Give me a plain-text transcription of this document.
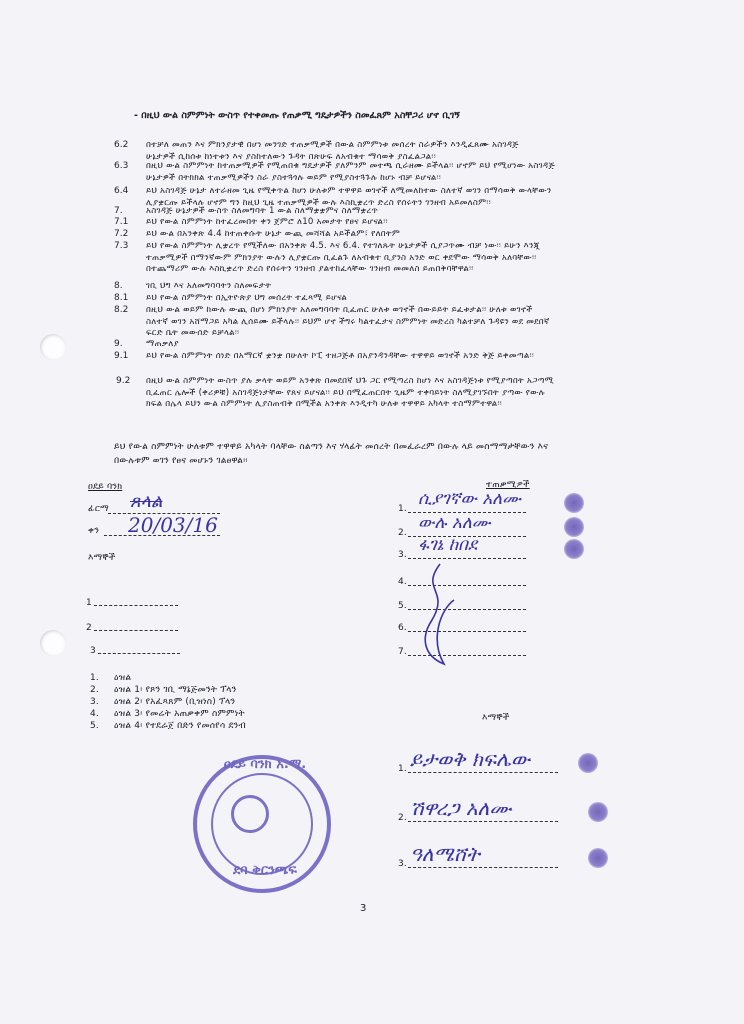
- በዚህ ውል ስምምነት ውስጥ የተቀመጡ የጠቃሚ ግዴታዎችን ስመፈጸም አስቸጋሪ ሆኖ ቢገኝ
6.2 በተቻለ መጠን እና ምክንያታዊ በሆነ መንገድ ተጠቃሚዎች በውል ስምምነቱ መሰረት ስራዎችን እንዲፈጸሙ አስገዳጅ
ሁኔታዎች ሲከሰቱ ከነተቱን እና ያስከተለውን ጉዳት በጽሁፍ ለአብቁተ ማሳወቅ ያስፈልጋል፡፡
6.3 በዚህ ውል ስምምነት ከተጠቃሚዎች የሚጠበቁ ግዴታዎች ያለምንም መተጫ ሲራዘሙ ይችላል፡፡ ሆኖም ይህ የሚሆነው አስገዳጅ
ሁኔታዎች በትክክል ተጠቃሚዎችን ስራ ያስተጓጎሉ ወይም የሚያስተጓጉሉ ከሆኑ ብቻ ይሆናል፡፡
6.4 ይህ አስገዳጅ ሁኔታ ለተራዘመ ጊዜ የሚቀጥል ከሆነ ሁለቱም ተዋዋይ ወገኖች ለሚመለከተው ስለተኛ ወገን በማሳወቅ ውላቸውን
ሊያቋርጡ ይችላሉ ሆኖም ግን ከዚህ ጊዜ ተጠቃሚዎች ውሉ እስኪቋረጥ ድረስ የሰሩትን ገንዘብ አይመለስም፡፡
7.	አስገዳጅ ሁኔታዎች ውስጥ ስለመግባት 1 ውል ስለማቋቋምና ስለማቋረጥ
7.1 ይህ የውል ስምምነት ከተፈረመበት ቀን ጀምሮ ለ10 አመታት የፀና ይሆናል፡፡
7.2 ይህ ውል በአንቀጽ 4.4 ከተጠቀሱት ሁኔታ ውጪ መሻሻል አይችልም፣ የለበትም
7.3 ይህ የውል ስምምነት ሊቋረጥ የሚችለው በአንቀጽ 4.5. እና 6.4. የተገለጹት ሁኔታዎች ሲያጋጥሙ ብቻ ነው፡፡ ይሁን እንጂ
ተጠቃሚዎች በማንኛውም ምክንያት ውሉን ሊያቋርጡ ቢፈልጉ ለአብቁተ ቢያንስ አንድ ወር ቀደሞው ማሳወቅ አለባቸው፡፡
በተጨማሪም ውሉ እስኪቋረጥ ድረስ የሰሩትን ገንዘብ ያልተከፈላቸው ገንዘብ መመለስ ይጠበቅባቸዋል፡፡
8.	ገቢ ህግ እና አለመግባባትን ስለመፍታት
8.1 ይህ የውል ስምምነት በኢትዮጵያ ህግ መሰረት ተፈጻሚ ይሆናል
8.2 በዚህ ውል ወይም ከውሉ ውጪ በሆነ ምክንያት አለመግባባት ቢፈጠር ሁለቱ ወገኖች በውይይት ይፈቱታል፡፡ ሁለቱ ወገኖች
ስለተኛ ወገን አሸማጋይ አካል ሊሰይሙ ይችላሉ፡፡ ይህም ሆኖ ችግሩ ካልተፈታና ስምምነት መድረስ ካልተቻለ ጉዳዩን ወደ መደበኛ
ፍርድ ቤት መውሰድ ይቻላል፡፡
9.	ማጠቃለያ
9.1 ይህ የውል ስምምነት ሰነድ በአማርኛ ቋንቋ በሁለት ኮፒ ተዘጋጅቶ በአያንዳንዳቸው ተዋዋይ ወገኖች አንድ ቅጅ ይቀመጣል፡፡
9.2 በዚህ ውል ስምምነት ውስጥ ያሉ ቃላት ወይም አንቀጽ በመደበኛ ህጉ ጋር የሚጣረስ ከሆነ እና አስገዳጅነቱ የሚያጣበት አጋጣሚ
ቢፈጠር ሌሎች (ቀሪዎቹ) አስገዳጅነታቸው የጸና ይሆናል፡፡ ይህ በሚፈጠርበት ጊዜም ተቀባይነት ስለሚያገኙበት ያጣው የውሉ
ክፍል በሌላ ይህን ውል ስምምነት ሊያስጠብቅ በሚችል አንቀጽ እንዲተካ ሁለቱ ተዋዋይ አካላት ተስማምተዋል፡፡
ይህ የውል ስምምነት ሁለቱም ተዋዋይ አካላት ባላቸው ስልጣን እና ሃላፊት መሰረት በመፈራረም በውሉ ላይ መስማማታቸውን እና
በውሉቱም ወገን የፀና መሆኑን ገልፀዋል፡፡
ዐደይ ባንክ
ፊርማ ጸላል
ቀን 20/03/16
እማኞች
1
2
3
ተጠቃሚዎች
1. ሲያገኛው አለሙ
2. ውሉ አለሙ
3. ፋገኔ ከበደ
4.
5.
6.
7.
እማኞች
1. ይታወቅ ክፍሌው
2. ሽዋረጋ አለሙ
3. ዓለሜሸት
1. ዕዝል
2. ዕዝል 1፡ የጾን ገቢ ማኔጅመንት ፕላን
3. ዕዝል 2፡ የአፈጻጸም (ቢዝነስ) ፕላን
4. ዕዝል 3፡ የመሬት አጠቃቀም ስምምነት
5. ዕዝል 4፡ የተደራጀ በድን የመሰየሳ ደንብ
ዐደይ ባንክ አ.ማ.
ደባ ቅርንጫፍ
3
